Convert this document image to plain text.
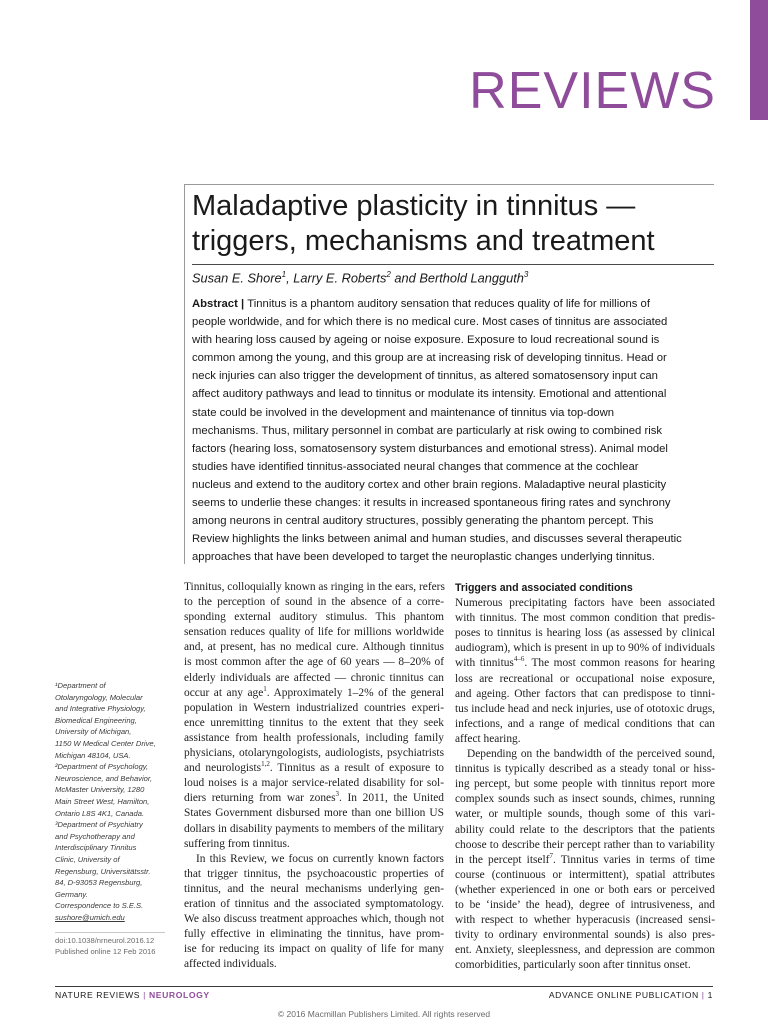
REVIEWS
Maladaptive plasticity in tinnitus —
triggers, mechanisms and treatment
Susan E. Shore$^1$, Larry E. Roberts$^2$ and Berthold Langguth$^3$
Abstract | Tinnitus is a phantom auditory sensation that reduces quality of life for millions of
people worldwide, and for which there is no medical cure. Most cases of tinnitus are associated
with hearing loss caused by ageing or noise exposure. Exposure to loud recreational sound is
common among the young, and this group are at increasing risk of developing tinnitus. Head or
neck injuries can also trigger the development of tinnitus, as altered somatosensory input can
affect auditory pathways and lead to tinnitus or modulate its intensity. Emotional and attentional
state could be involved in the development and maintenance of tinnitus via top-down
mechanisms. Thus, military personnel in combat are particularly at risk owing to combined risk
factors (hearing loss, somatosensory system disturbances and emotional stress). Animal model
studies have identified tinnitus-associated neural changes that commence at the cochlear
nucleus and extend to the auditory cortex and other brain regions. Maladaptive neural plasticity
seems to underlie these changes: it results in increased spontaneous firing rates and synchrony
among neurons in central auditory structures, possibly generating the phantom percept. This
Review highlights the links between animal and human studies, and discusses several therapeutic
approaches that have been developed to target the neuroplastic changes underlying tinnitus.
¹Department of
Otolaryngology, Molecular
and Integrative Physiology,
Biomedical Engineering,
University of Michigan,
1150 W Medical Center Drive,
Michigan 48104, USA.
²Department of Psychology,
Neuroscience, and Behavior,
McMaster University, 1280
Main Street West, Hamilton,
Ontario L8S 4K1, Canada.
³Department of Psychiatry
and Psychotherapy and
Interdisciplinary Tinnitus
Clinic, University of
Regensburg, Universitätsstr.
84, D-93053 Regensburg,
Germany.
Correspondence to S.E.S.
sushore@umich.edu
doi:10.1038/nrneurol.2016.12
Published online 12 Feb 2016
Tinnitus, colloquially known as ringing in the ears, refers
to the perception of sound in the absence of a corre-
sponding external auditory stimulus. This phantom
sensation reduces quality of life for millions worldwide
and, at present, has no medical cure. Although tinnitus
is most common after the age of 60 years — 8–20% of
elderly individuals are affected — chronic tinnitus can
occur at any age$^1$. Approximately 1–2% of the general
population in Western industrialized countries experi-
ence unremitting tinnitus to the extent that they seek
assistance from health professionals, including family
physicians, otolaryngologists, audiologists, psychiatrists
and neurologists$^{1,2}$. Tinnitus as a result of exposure to
loud noises is a major service-related disability for sol-
diers returning from war zones$^3$. In 2011, the United
States Government disbursed more than one billion US
dollars in disability payments to members of the military
suffering from tinnitus.
In this Review, we focus on currently known factors
that trigger tinnitus, the psychoacoustic properties of
tinnitus, and the neural mechanisms underlying gen-
eration of tinnitus and the associated symptomatology.
We also discuss treatment approaches which, though not
fully effective in eliminating the tinnitus, have prom-
ise for reducing its impact on quality of life for many
affected individuals.
Triggers and associated conditions
Numerous precipitating factors have been associated
with tinnitus. The most common condition that predis-
poses to tinnitus is hearing loss (as assessed by clinical
audiogram), which is present in up to 90% of individuals
with tinnitus$^{4-6}$. The most common reasons for hearing
loss are recreational or occupational noise exposure,
and ageing. Other factors that can predispose to tinni-
tus include head and neck injuries, use of ototoxic drugs,
infections, and a range of medical conditions that can
affect hearing.
Depending on the bandwidth of the perceived sound,
tinnitus is typically described as a steady tonal or hiss-
ing percept, but some people with tinnitus report more
complex sounds such as insect sounds, chimes, running
water, or multiple sounds, though some of this vari-
ability could relate to the descriptors that the patients
choose to describe their percept rather than to variability
in the percept itself$^7$. Tinnitus varies in terms of time
course (continuous or intermittent), spatial attributes
(whether experienced in one or both ears or perceived
to be ‘inside’ the head), degree of intrusiveness, and
with respect to whether hyperacusis (increased sensi-
tivity to ordinary environmental sounds) is also pres-
ent. Anxiety, sleeplessness, and depression are common
comorbidities, particularly soon after tinnitus onset.
NATURE REVIEWS | NEUROLOGY	ADVANCE ONLINE PUBLICATION | 1
© 2016 Macmillan Publishers Limited. All rights reserved
